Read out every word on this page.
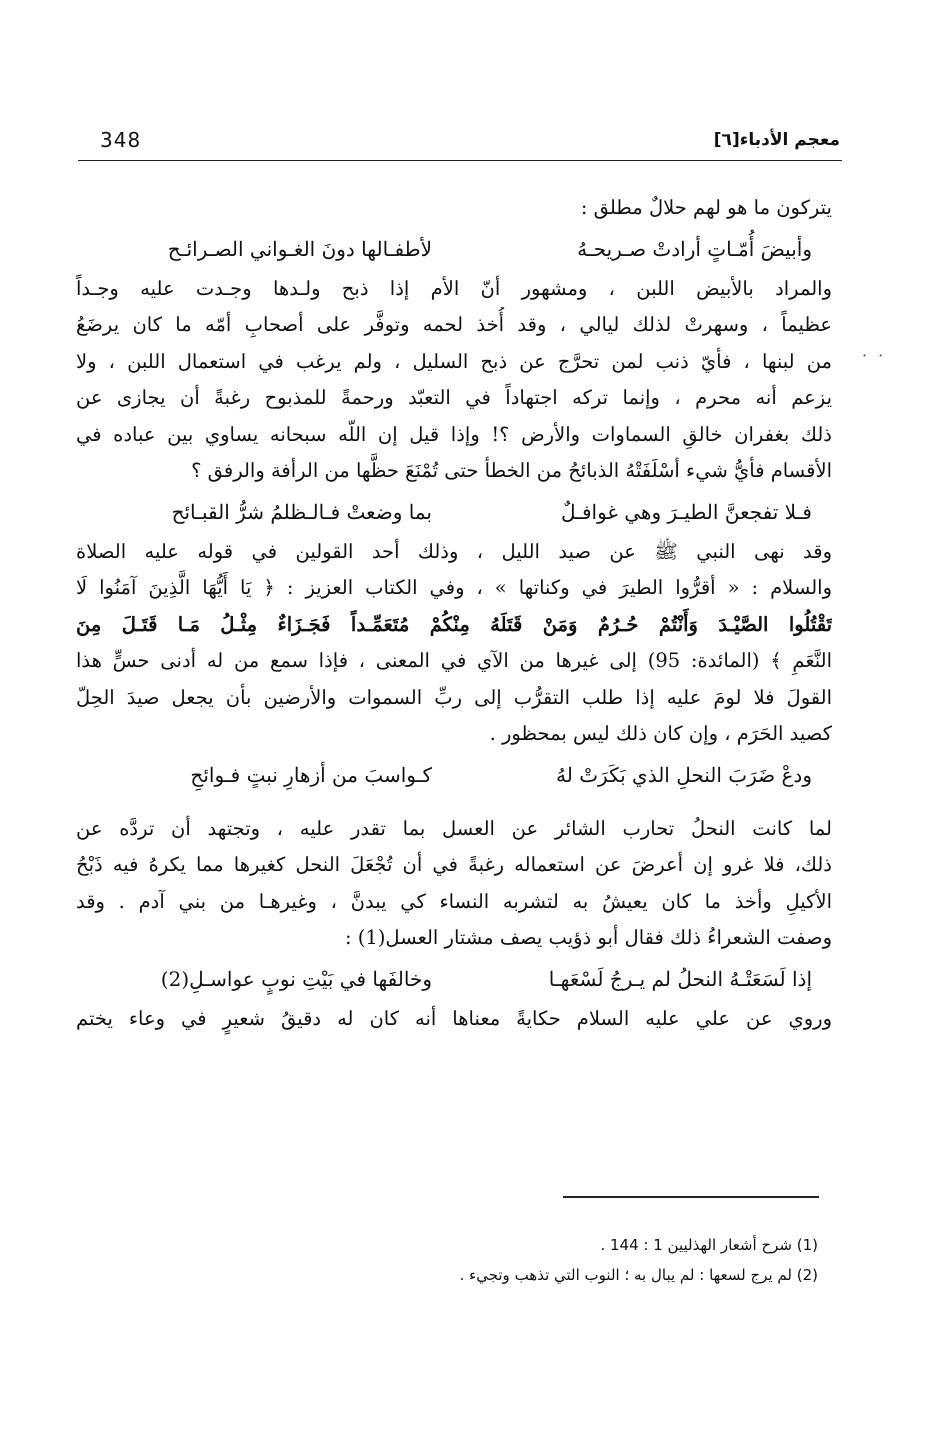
348	معجم الأدباء[٦]
· ·
يتركون ما هو لهم حلالٌ مطلق :
وأبيضَ أُمّـاتٍ أرادتْ صـريحـهُ
لأطفـالها دونَ الغـواني الصـرائـح
والمراد بالأبيض اللبن ، ومشهور أنّ الأم إذا ذبح ولـدها وجـدت عليه وجـداً
عظيماً ، وسهرتْ لذلك ليالي ، وقد أُخذ لحمه وتوفَّر على أصحابِ أمّه ما كان يرضَعُ
من لبنها ، فأيّ ذنب لمن تحرَّج عن ذبح السليل ، ولم يرغب في استعمال اللبن ، ولا
يزعم أنه محرم ، وإنما تركه اجتهاداً في التعبّد ورحمةً للمذبوح رغبةً أن يجازى عن
ذلك بغفران خالقِ السماوات والأرض ؟! وإذا قيل إن اللّه سبحانه يساوي بين عباده في
الأقسام فأيُّ شيء أسْلَفَتْهُ الذبائحُ من الخطأ حتى تُمْنَعَ حظَّها من الرأفة والرفق ؟
فـلا تفجعنَّ الطيـرَ وهي غوافـلٌ
بما وضعتْ فـالـظلمُ شرُّ القبـائح
وقد نهى النبي ﷺ عن صيد الليل ، وذلك أحد القولين في قوله عليه الصلاة
والسلام : « أقرُّوا الطيرَ في وكناتها » ، وفي الكتاب العزيز : ﴿ يَا أَيُّهَا الَّذِينَ آمَنُوا لَا
تَقْتُلُوا الصَّيْـدَ وَأَنْتُمْ حُـرُمٌ وَمَنْ قَتَلَهُ مِنْكُمْ مُتَعَمِّـداً فَجَـزَاءٌ مِثْـلُ مَـا قَتَـلَ مِنَ
النَّعَمِ ﴾ (المائدة: 95) إلى غيرها من الآي في المعنى ، فإذا سمع من له أدنى حسٍّ هذا
القولَ فلا لومَ عليه إذا طلب التقرُّب إلى ربِّ السموات والأرضين بأن يجعل صيدَ الحِلّ
كصيد الحَرَم ، وإن كان ذلك ليس بمحظور .
ودعْ ضَرَبَ النحلِ الذي بَكَرَتْ لهُ
كـواسبَ من أزهارِ نبتٍ فـوائحِ
لما كانت النحلُ تحارب الشائر عن العسل بما تقدر عليه ، وتجتهد أن تردَّه عن
ذلك، فلا غرو إن أعرضَ عن استعماله رغبةً في أن تُجْعَلَ النحل كغيرها مما يكرهُ فيه ذَبْحُ
الأكيلِ وأخذ ما كان يعيشُ به لتشربه النساء كي يبدنَّ ، وغيرهـا من بني آدم . وقد
وصفت الشعراءُ ذلك فقال أبو ذؤيب يصف مشتار العسل(1) :
إذا لَسَعَتْـهُ النحلُ لم يـرجُ لَسْعَهـا
وخالفَها في بَيْتِ نوبٍ عواسـلِ(2)
وروي عن علي عليه السلام حكايةً معناها أنه كان له دقيقُ شعيرٍ في وعاء يختم
(1) شرح أشعار الهذليين 1 : 144 .
(2) لم يرج لسعها : لم يبال به ؛ النوب التي تذهب وتجيء .
